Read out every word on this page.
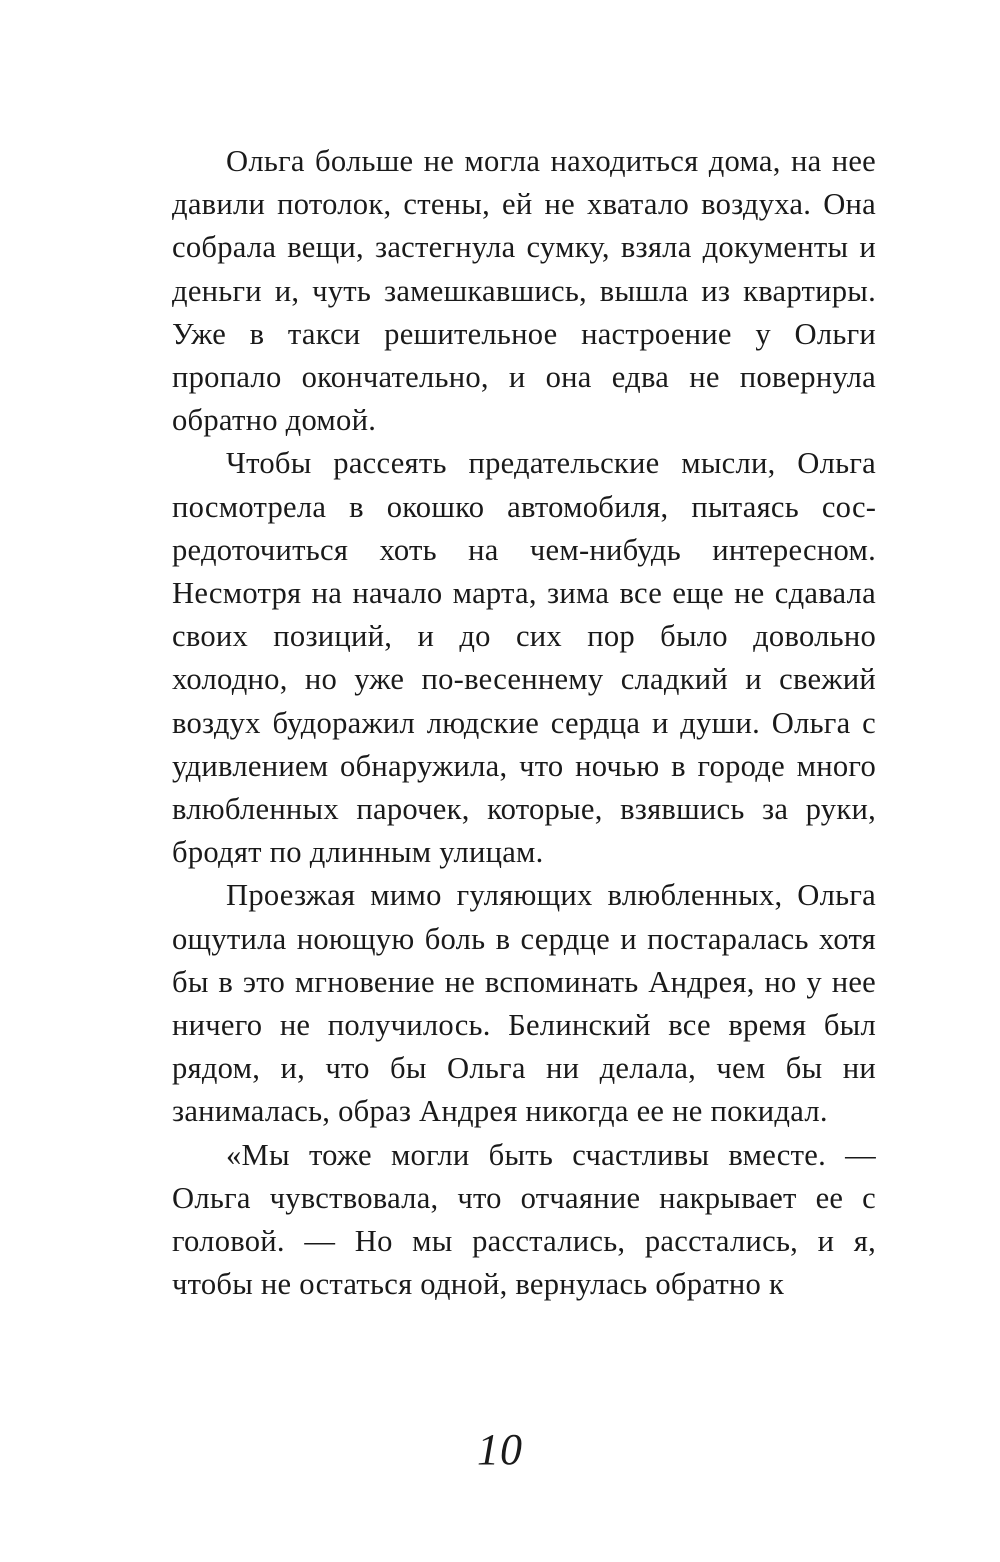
Ольга больше не могла находиться дома, на нее давили потолок, стены, ей не хватало воздуха. Она собрала вещи, застегнула сумку, взяла документы и деньги и, чуть замешкавшись, вышла из квартиры. Уже в такси решительное настроение у Ольги пропало окончательно, и она едва не повернула обратно домой.

Чтобы рассеять предательские мысли, Ольга посмотрела в окошко автомобиля, пытаясь сосредоточиться хоть на чем-нибудь интересном. Несмотря на начало марта, зима все еще не сдавала своих позиций, и до сих пор было довольно холодно, но уже по-весеннему сладкий и свежий воздух будоражил людские сердца и души. Ольга с удивлением обнаружила, что ночью в городе много влюбленных парочек, которые, взявшись за руки, бродят по длинным улицам.

Проезжая мимо гуляющих влюбленных, Ольга ощутила ноющую боль в сердце и постаралась хотя бы в это мгновение не вспоминать Андрея, но у нее ничего не получилось. Белинский все время был рядом, и, что бы Ольга ни делала, чем бы ни занималась, образ Андрея никогда ее не покидал.

«Мы тоже могли быть счастливы вместе. — Ольга чувствовала, что отчаяние накрывает ее с головой. — Но мы расстались, расстались, и я, чтобы не остаться одной, вернулась обратно к

10
